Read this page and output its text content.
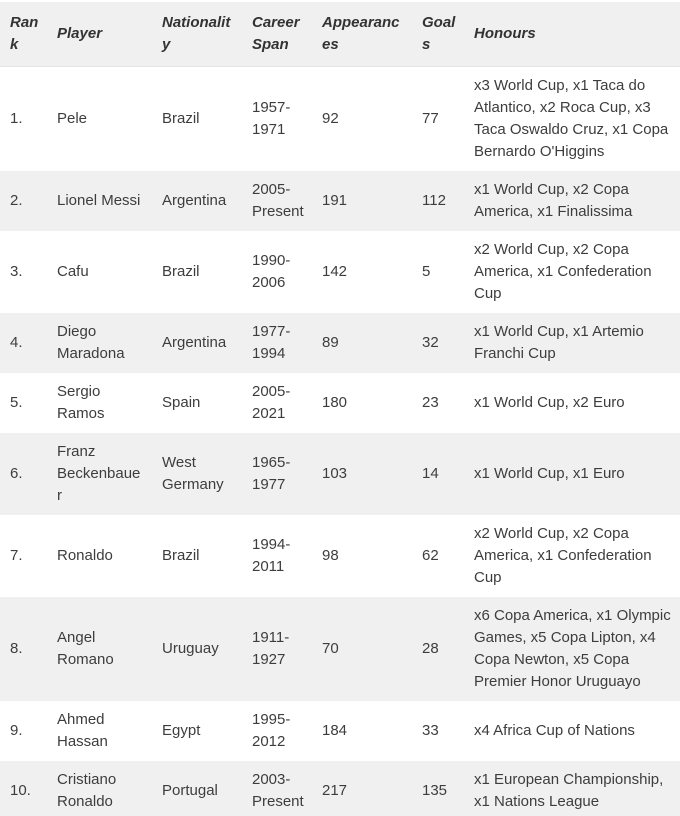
Rank	Player	Nationality	Career Span	Appearances	Goals	Honours
1.	Pele	Brazil	1957-1971	92	77	x3 World Cup, x1 Taca do Atlantico, x2 Roca Cup, x3 Taca Oswaldo Cruz, x1 Copa Bernardo O'Higgins
2.	Lionel Messi	Argentina	2005-Present	191	112	x1 World Cup, x2 Copa America, x1 Finalissima
3.	Cafu	Brazil	1990-2006	142	5	x2 World Cup, x2 Copa America, x1 Confederation Cup
4.	Diego Maradona	Argentina	1977-1994	89	32	x1 World Cup, x1 Artemio Franchi Cup
5.	Sergio Ramos	Spain	2005-2021	180	23	x1 World Cup, x2 Euro
6.	Franz Beckenbauer	West Germany	1965-1977	103	14	x1 World Cup, x1 Euro
7.	Ronaldo	Brazil	1994-2011	98	62	x2 World Cup, x2 Copa America, x1 Confederation Cup
8.	Angel Romano	Uruguay	1911-1927	70	28	x6 Copa America, x1 Olympic Games, x5 Copa Lipton, x4 Copa Newton, x5 Copa Premier Honor Uruguayo
9.	Ahmed Hassan	Egypt	1995-2012	184	33	x4 Africa Cup of Nations
10.	Cristiano Ronaldo	Portugal	2003-Present	217	135	x1 European Championship, x1 Nations League
